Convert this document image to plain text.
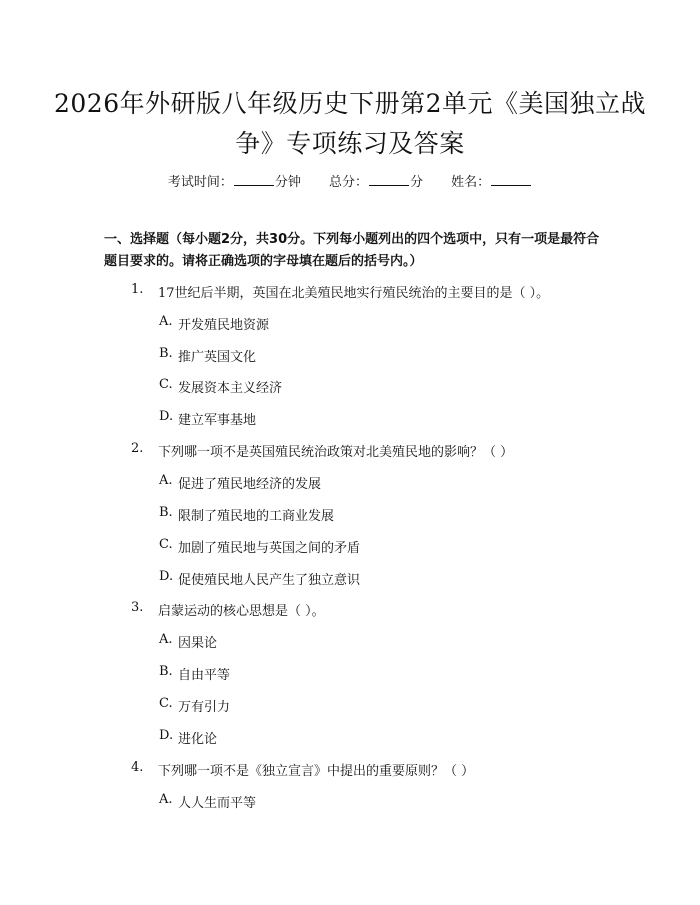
2026年外研版八年级历史下册第2单元《美国独立战争》专项练习及答案
考试时间：	分钟 总分：	分 姓名：

一、选择题（每小题2分，共30分。下列每小题列出的四个选项中，只有一项是最符合题目要求的。请将正确选项的字母填在题后的括号内。）

1. 17世纪后半期，英国在北美殖民地实行殖民统治的主要目的是（ ）。
A. 开发殖民地资源
B. 推广英国文化
C. 发展资本主义经济
D. 建立军事基地
2. 下列哪一项不是英国殖民统治政策对北美殖民地的影响？（ ）
A. 促进了殖民地经济的发展
B. 限制了殖民地的工商业发展
C. 加剧了殖民地与英国之间的矛盾
D. 促使殖民地人民产生了独立意识
3. 启蒙运动的核心思想是（ ）。
A. 因果论
B. 自由平等
C. 万有引力
D. 进化论
4. 下列哪一项不是《独立宣言》中提出的重要原则？（ ）
A. 人人生而平等
